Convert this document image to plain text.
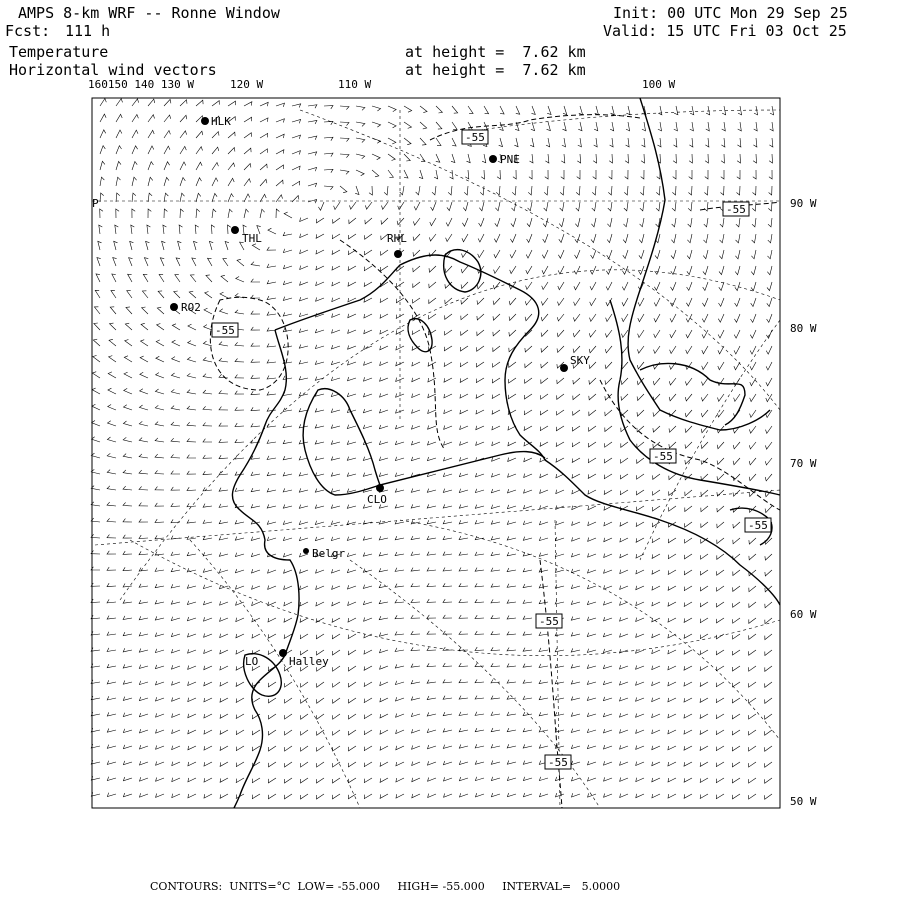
AMPS 8-km WRF -- Ronne Window
Fcst: 111 h
Temperature
Horizontal wind vectors
at height =  7.62 km
at height =  7.62 km
Init: 00 UTC Mon 29 Sep 25
Valid: 15 UTC Fri 03 Oct 25
160150 140 130 W	120 W	110 W	100 W
90 W
80 W
70 W
60 W
50 W
HLK
PNE
THL	RHL
RO2
SKY
CLO
Belgr
Halley
LO
P
-55
-55
-55
-55
-55
-55
-55
CONTOURS:  UNITS=°C  LOW= -55.000     HIGH= -55.000     INTERVAL=   5.0000
